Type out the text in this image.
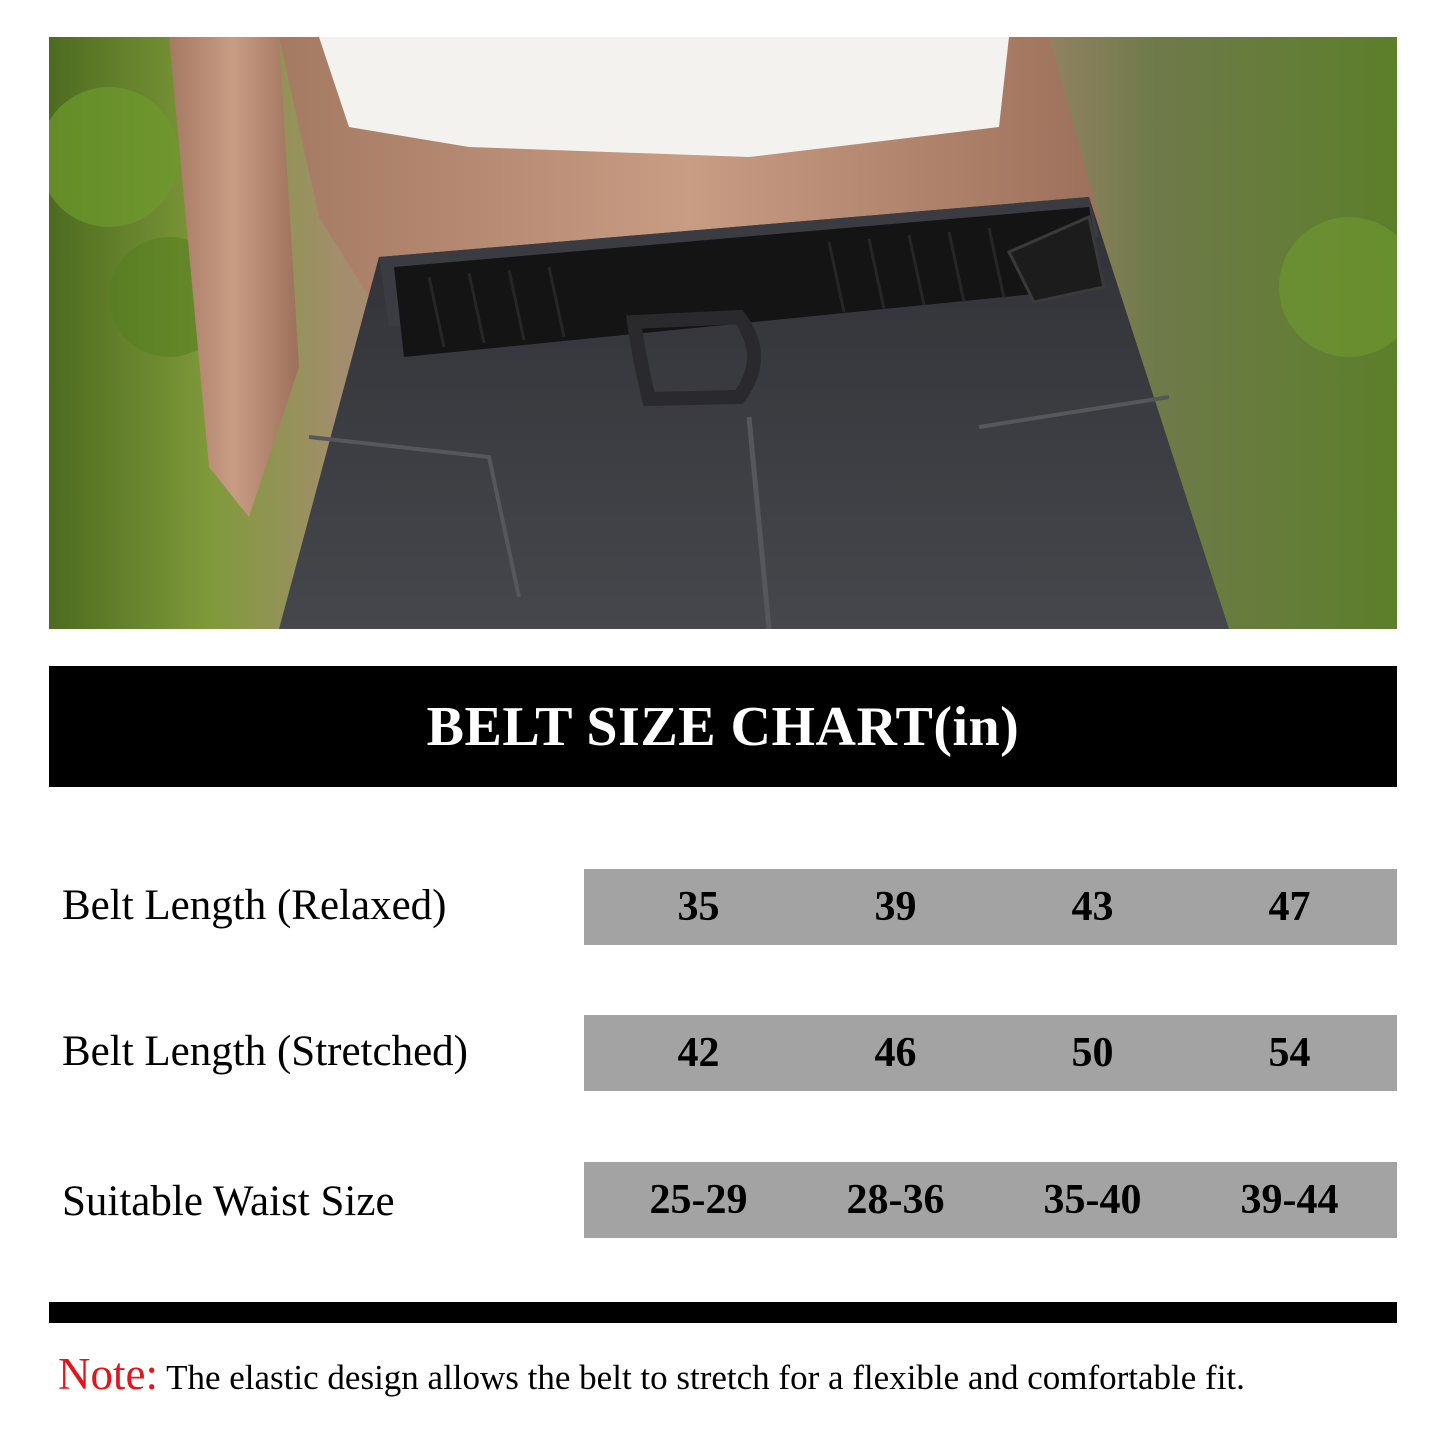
BELT SIZE CHART(in)
Belt Length (Relaxed)	35	39	43	47
Belt Length (Stretched)	42	46	50	54
Suitable Waist Size	25-29	28-36	35-40	39-44
Note: The elastic design allows the belt to stretch for a flexible and comfortable fit.
